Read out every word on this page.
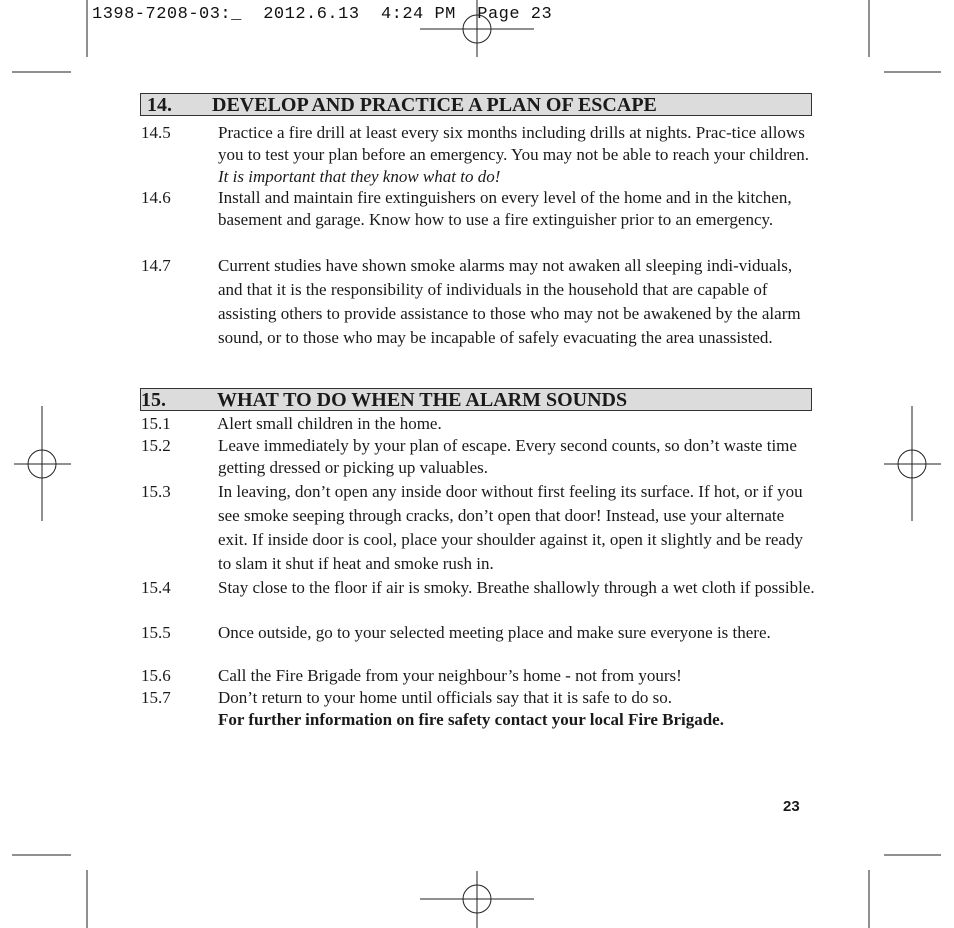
1398-7208-03:_  2012.6.13  4:24 PM  Page 23
14. DEVELOP AND PRACTICE A PLAN OF ESCAPE
14.5	Practice a fire drill at least every six months including drills at nights. Prac-tice allows you to test your plan before an emergency. You may not be able to reach your children. It is important that they know what to do!
14.6	Install and maintain fire extinguishers on every level of the home and in the kitchen, basement and garage. Know how to use a fire extinguisher prior to an emergency.
14.7	Current studies have shown smoke alarms may not awaken all sleeping indi-viduals, and that it is the responsibility of individuals in the household that are capable of assisting others to provide assistance to those who may not be awakened by the alarm sound, or to those who may be incapable of safely evacuating the area unassisted.
15.	WHAT TO DO WHEN THE ALARM SOUNDS
15.1	Alert small children in the home.
15.2	Leave immediately by your plan of escape. Every second counts, so don’t waste time getting dressed or picking up valuables.
15.3	In leaving, don’t open any inside door without first feeling its surface. If hot, or if you see smoke seeping through cracks, don’t open that door! Instead, use your alternate exit. If inside door is cool, place your shoulder against it, open it slightly and be ready to slam it shut if heat and smoke rush in.
15.4	Stay close to the floor if air is smoky. Breathe shallowly through a wet cloth if possible.
15.5	Once outside, go to your selected meeting place and make sure everyone is there.
15.6	Call the Fire Brigade from your neighbour’s home - not from yours!
15.7	Don’t return to your home until officials say that it is safe to do so.
For further information on fire safety contact your local Fire Brigade.
23
